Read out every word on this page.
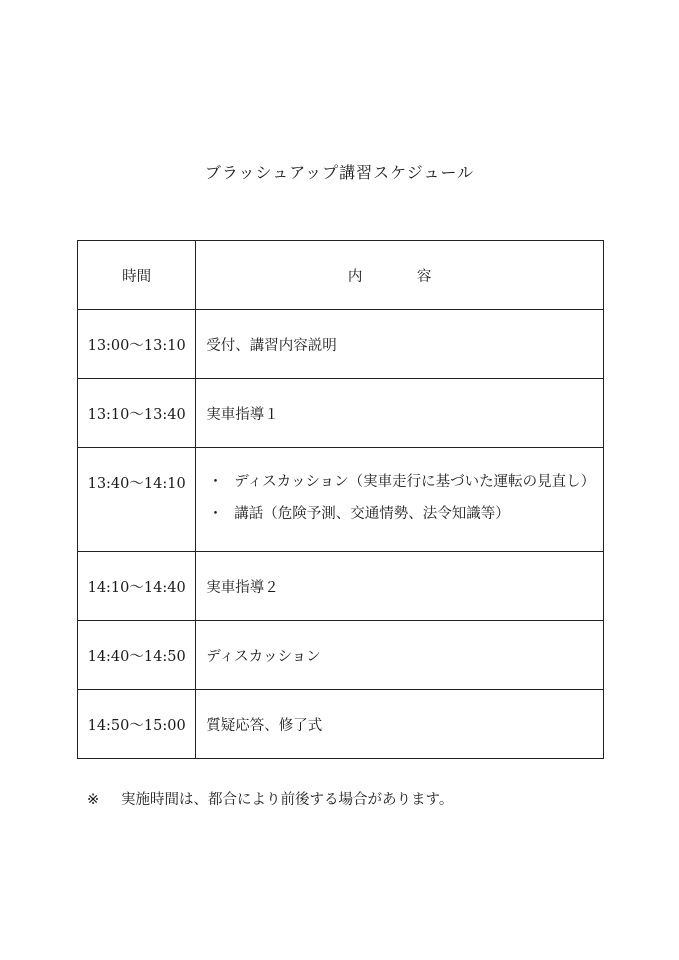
ブラッシュアップ講習スケジュール
時間	内　容
13:00～13:10	受付、講習内容説明
13:10～13:40	実車指導１
13:40～14:10	・ ディスカッション（実車走行に基づいた運転の見直し）
・ 講話（危険予測、交通情勢、法令知識等）

14:10～14:40	実車指導２
14:40～14:50	ディスカッション
14:50～15:00	質疑応答、修了式
※ 実施時間は、都合により前後する場合があります。
